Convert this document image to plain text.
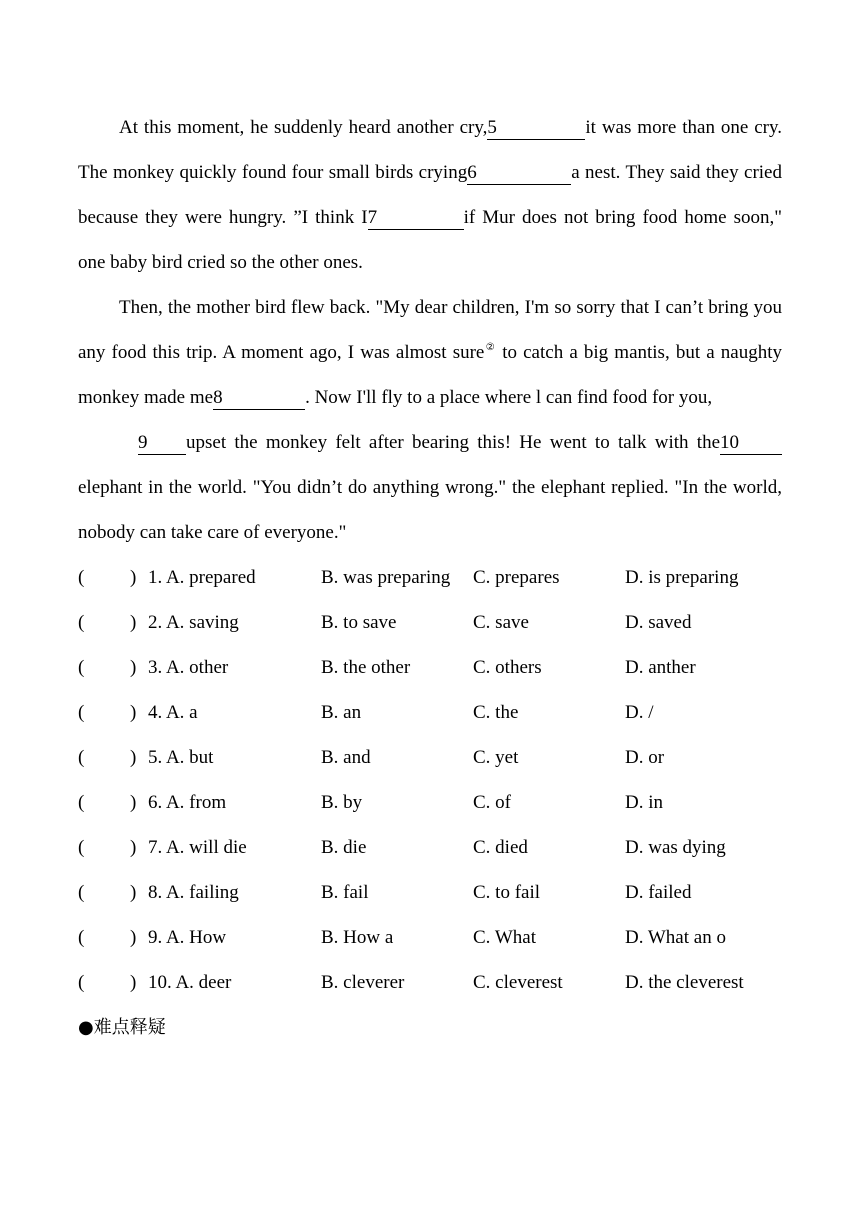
At this moment, he suddenly heard another cry,5	it was more than one cry. The monkey quickly found four small birds crying6	a nest. They said they cried because they were hungry. ”I think I7	if Mur does not bring food home soon," one baby bird cried so the other ones.

Then, the mother bird flew back. "My dear children, I'm so sorry that I can’t bring you any food this trip. A moment ago, I was almost sure② to catch a big mantis, but a naughty monkey made me8	. Now I'll fly to a place where l can find food for you,

9 upset the monkey felt after bearing this! He went to talk with the10 elephant in the world. "You didn’t do anything wrong." the elephant replied. "In the world, nobody can take care of everyone."

( ) 1. A. prepared	B. was preparing	C. prepares	D. is preparing
( ) 2. A. saving	B. to save	C. save	D. saved
( ) 3. A. other	B. the other	C. others	D. anther
( ) 4. A. a	B. an	C. the	D. /
( ) 5. A. but	B. and	C. yet	D. or
( ) 6. A. from	B. by	C. of	D. in
( ) 7. A. will die	B. die	C. died	D. was dying
( ) 8. A. failing	B. fail	C. to fail	D. failed
( ) 9. A. How	B. How a	C. What	D. What an o
( ) 10. A. deer	B. cleverer	C. cleverest	D. the cleverest
●难点释疑
